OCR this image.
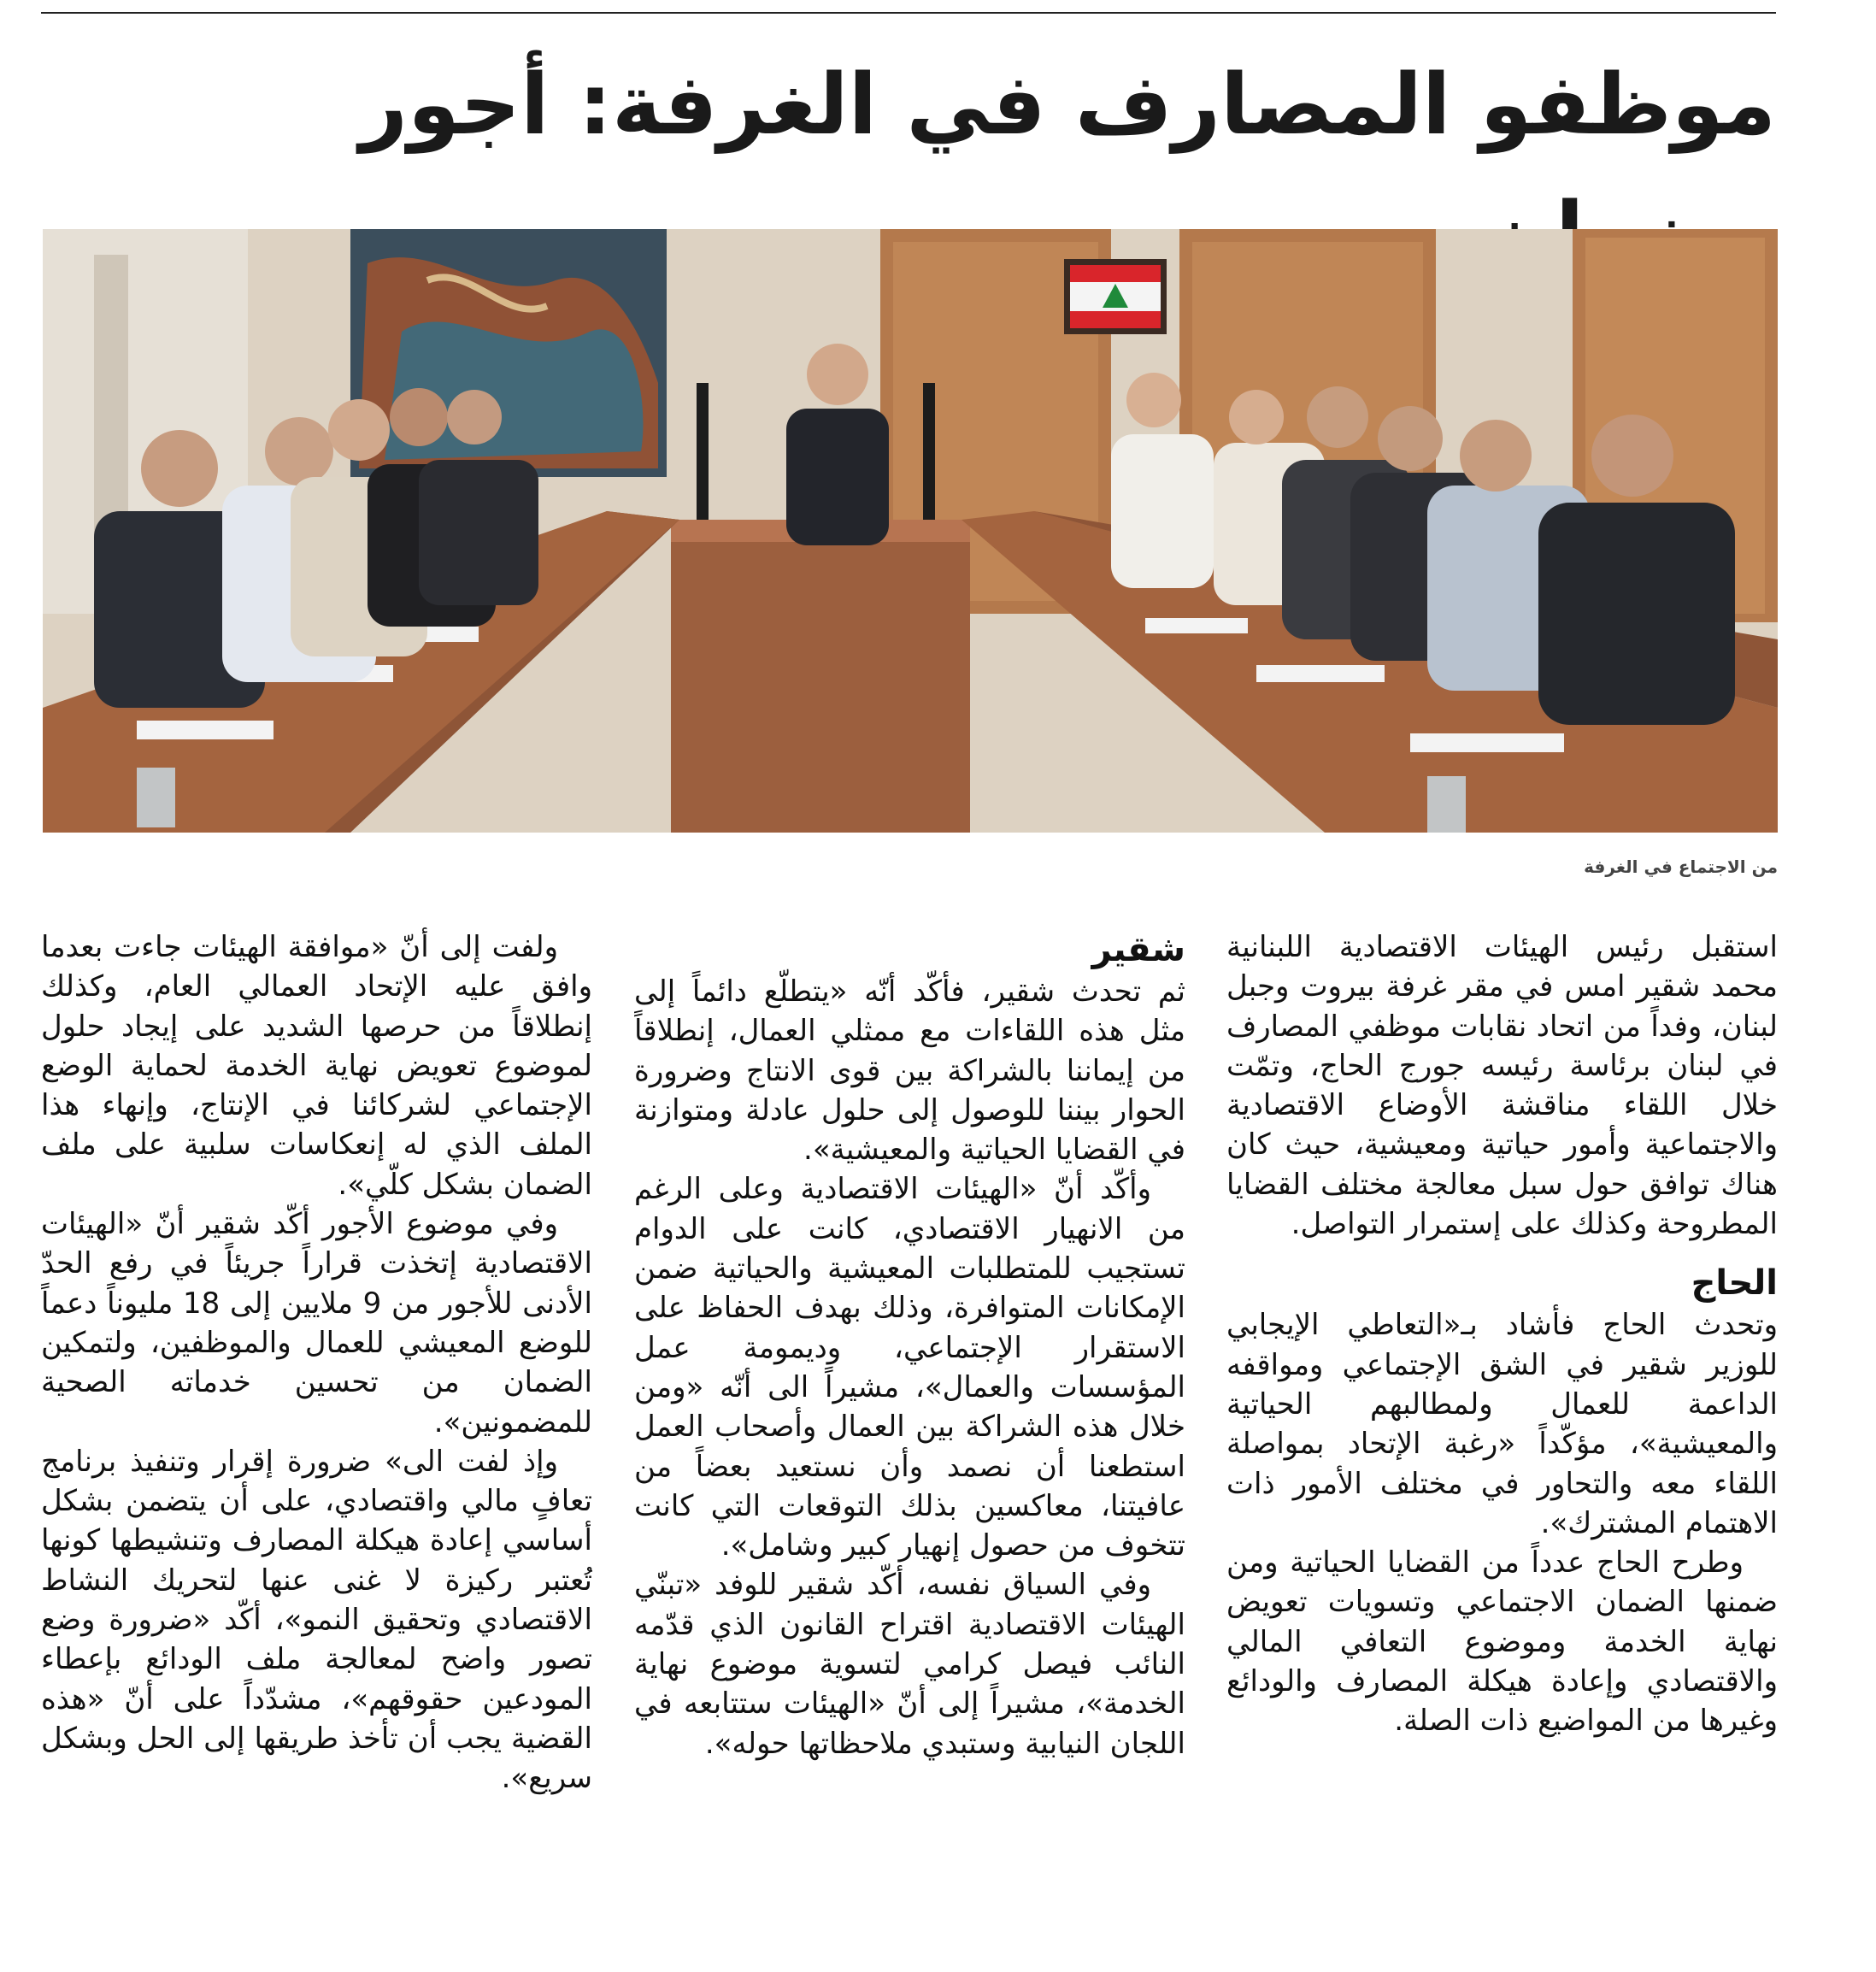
موظفو المصارف في الغرفة: أجور

من الاجتماع في الغرفة

استقبل رئيس الهيئات الاقتصادية اللبنانية محمد شقير امس في مقر غرفة بيروت وجبل لبنان، وفداً من اتحاد نقابات موظفي المصارف في لبنان برئاسة رئيسه جورج الحاج، وتمّت خلال اللقاء مناقشة الأوضاع الاقتصادية والاجتماعية وأمور حياتية ومعيشية، حيث كان هناك توافق حول سبل معالجة مختلف القضايا المطروحة وكذلك على إستمرار التواصل.

الحاج

وتحدث الحاج فأشاد بـ«التعاطي الإيجابي للوزير شقير في الشق الإجتماعي ومواقفه الداعمة للعمال ولمطالبهم الحياتية والمعيشية»، مؤكّداً «رغبة الإتحاد بمواصلة اللقاء معه والتحاور في مختلف الأمور ذات الاهتمام المشترك».

وطرح الحاج عدداً من القضايا الحياتية ومن ضمنها الضمان الاجتماعي وتسويات تعويض نهاية الخدمة وموضوع التعافي المالي والاقتصادي وإعادة هيكلة المصارف والودائع وغيرها من المواضيع ذات الصلة.

شقير

ثم تحدث شقير، فأكّد أنّه «يتطلّع دائماً إلى مثل هذه اللقاءات مع ممثلي العمال، إنطلاقاً من إيماننا بالشراكة بين قوى الانتاج وضرورة الحوار بيننا للوصول إلى حلول عادلة ومتوازنة في القضايا الحياتية والمعيشية».

وأكّد أنّ «الهيئات الاقتصادية وعلى الرغم من الانهيار الاقتصادي، كانت على الدوام تستجيب للمتطلبات المعيشية والحياتية ضمن الإمكانات المتوافرة، وذلك بهدف الحفاظ على الاستقرار الإجتماعي، وديمومة عمل المؤسسات والعمال»، مشيراً الى أنّه «ومن خلال هذه الشراكة بين العمال وأصحاب العمل استطعنا أن نصمد وأن نستعيد بعضاً من عافيتنا، معاكسين بذلك التوقعات التي كانت تتخوف من حصول إنهيار كبير وشامل».

وفي السياق نفسه، أكّد شقير للوفد «تبنّي الهيئات الاقتصادية اقتراح القانون الذي قدّمه النائب فيصل كرامي لتسوية موضوع نهاية الخدمة»، مشيراً إلى أنّ «الهيئات ستتابعه في اللجان النيابية وستبدي ملاحظاتها حوله».

ولفت إلى أنّ «موافقة الهيئات جاءت بعدما وافق عليه الإتحاد العمالي العام، وكذلك إنطلاقاً من حرصها الشديد على إيجاد حلول لموضوع تعويض نهاية الخدمة لحماية الوضع الإجتماعي لشركائنا في الإنتاج، وإنهاء هذا الملف الذي له إنعكاسات سلبية على ملف الضمان بشكل كلّي».

وفي موضوع الأجور أكّد شقير أنّ «الهيئات الاقتصادية إتخذت قراراً جريئاً في رفع الحدّ الأدنى للأجور من 9 ملايين إلى 18 مليوناً دعماً للوضع المعيشي للعمال والموظفين، ولتمكين الضمان من تحسين خدماته الصحية للمضمونين».

وإذ لفت الى» ضرورة إقرار وتنفيذ برنامج تعافٍ مالي واقتصادي، على أن يتضمن بشكل أساسي إعادة هيكلة المصارف وتنشيطها كونها تُعتبر ركيزة لا غنى عنها لتحريك النشاط الاقتصادي وتحقيق النمو»، أكّد «ضرورة وضع تصور واضح لمعالجة ملف الودائع بإعطاء المودعين حقوقهم»، مشدّداً على أنّ «هذه القضية يجب أن تأخذ طريقها إلى الحل وبشكل سريع».
